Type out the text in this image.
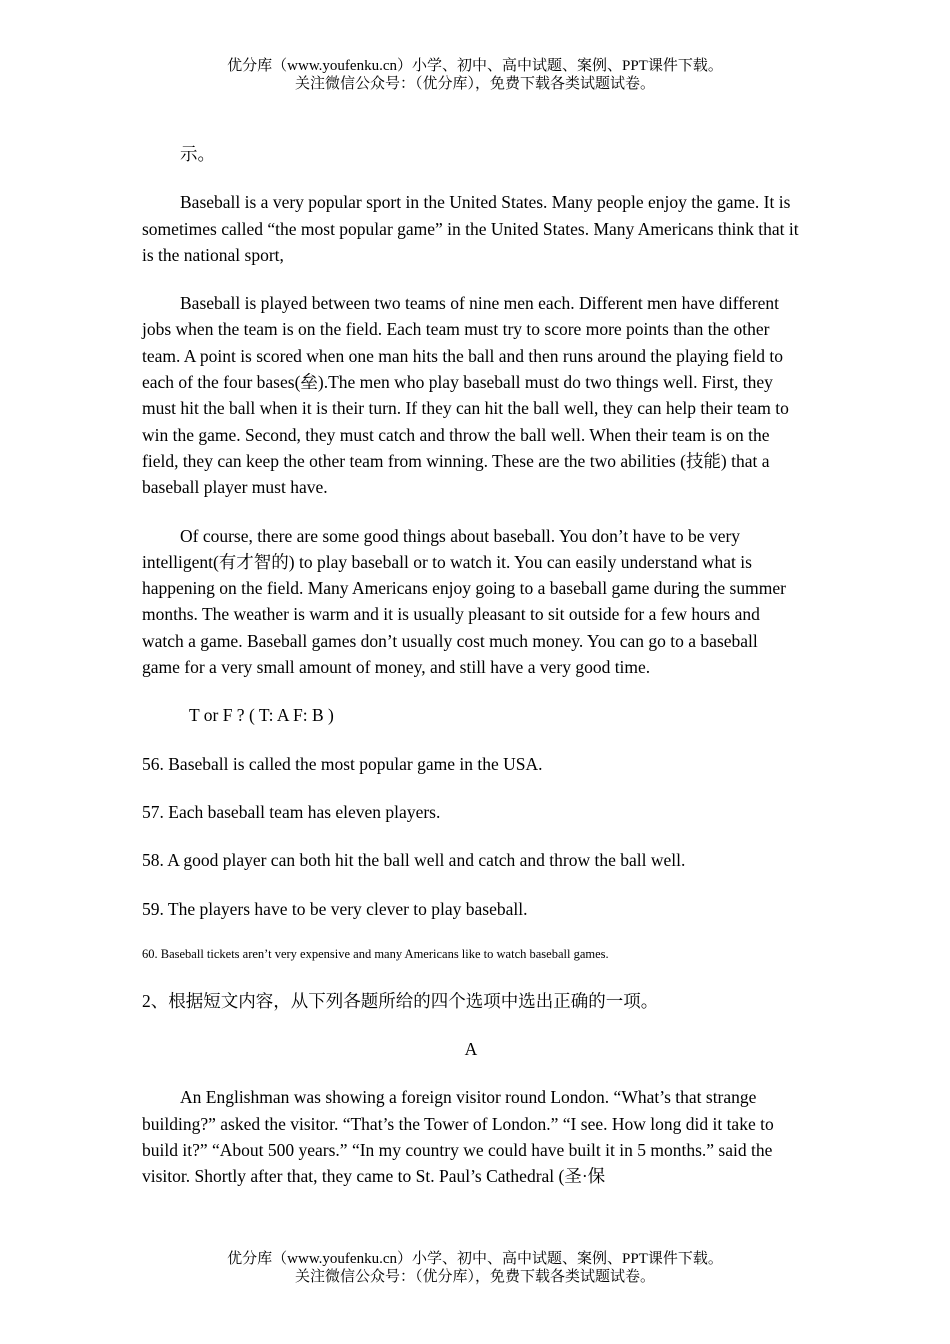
优分库（www.youfenku.cn）小学、初中、高中试题、案例、PPT课件下载。
关注微信公众号：（优分库），免费下载各类试题试卷。

示。

Baseball is a very popular sport in the United States. Many people enjoy the game. It is sometimes called “the most popular game” in the United States. Many Americans think that it is the national sport,

Baseball is played between two teams of nine men each. Different men have different jobs when the team is on the field. Each team must try to score more points than the other team. A point is scored when one man hits the ball and then runs around the playing field to each of the four bases(垒).The men who play baseball must do two things well. First, they must hit the ball when it is their turn. If they can hit the ball well, they can help their team to win the game. Second, they must catch and throw the ball well. When their team is on the field, they can keep the other team from winning. These are the two abilities (技能) that a baseball player must have.

Of course, there are some good things about baseball. You don’t have to be very intelligent(有才智的) to play baseball or to watch it. You can easily understand what is happening on the field. Many Americans enjoy going to a baseball game during the summer months. The weather is warm and it is usually pleasant to sit outside for a few hours and watch a game. Baseball games don’t usually cost much money. You can go to a baseball game for a very small amount of money, and still have a very good time.

T or F ? ( T: A F: B )

56. Baseball is called the most popular game in the USA.

57. Each baseball team has eleven players.

58. A good player can both hit the ball well and catch and throw the ball well.

59. The players have to be very clever to play baseball.

60. Baseball tickets aren’t very expensive and many Americans like to watch baseball games.

2、根据短文内容，从下列各题所给的四个选项中选出正确的一项。

A

An Englishman was showing a foreign visitor round London. “What’s that strange building?” asked the visitor. “That’s the Tower of London.” “I see. How long did it take to build it?” “About 500 years.” “In my country we could have built it in 5 months.” said the visitor. Shortly after that, they came to St. Paul’s Cathedral (圣·保

优分库（www.youfenku.cn）小学、初中、高中试题、案例、PPT课件下载。
关注微信公众号：（优分库），免费下载各类试题试卷。
